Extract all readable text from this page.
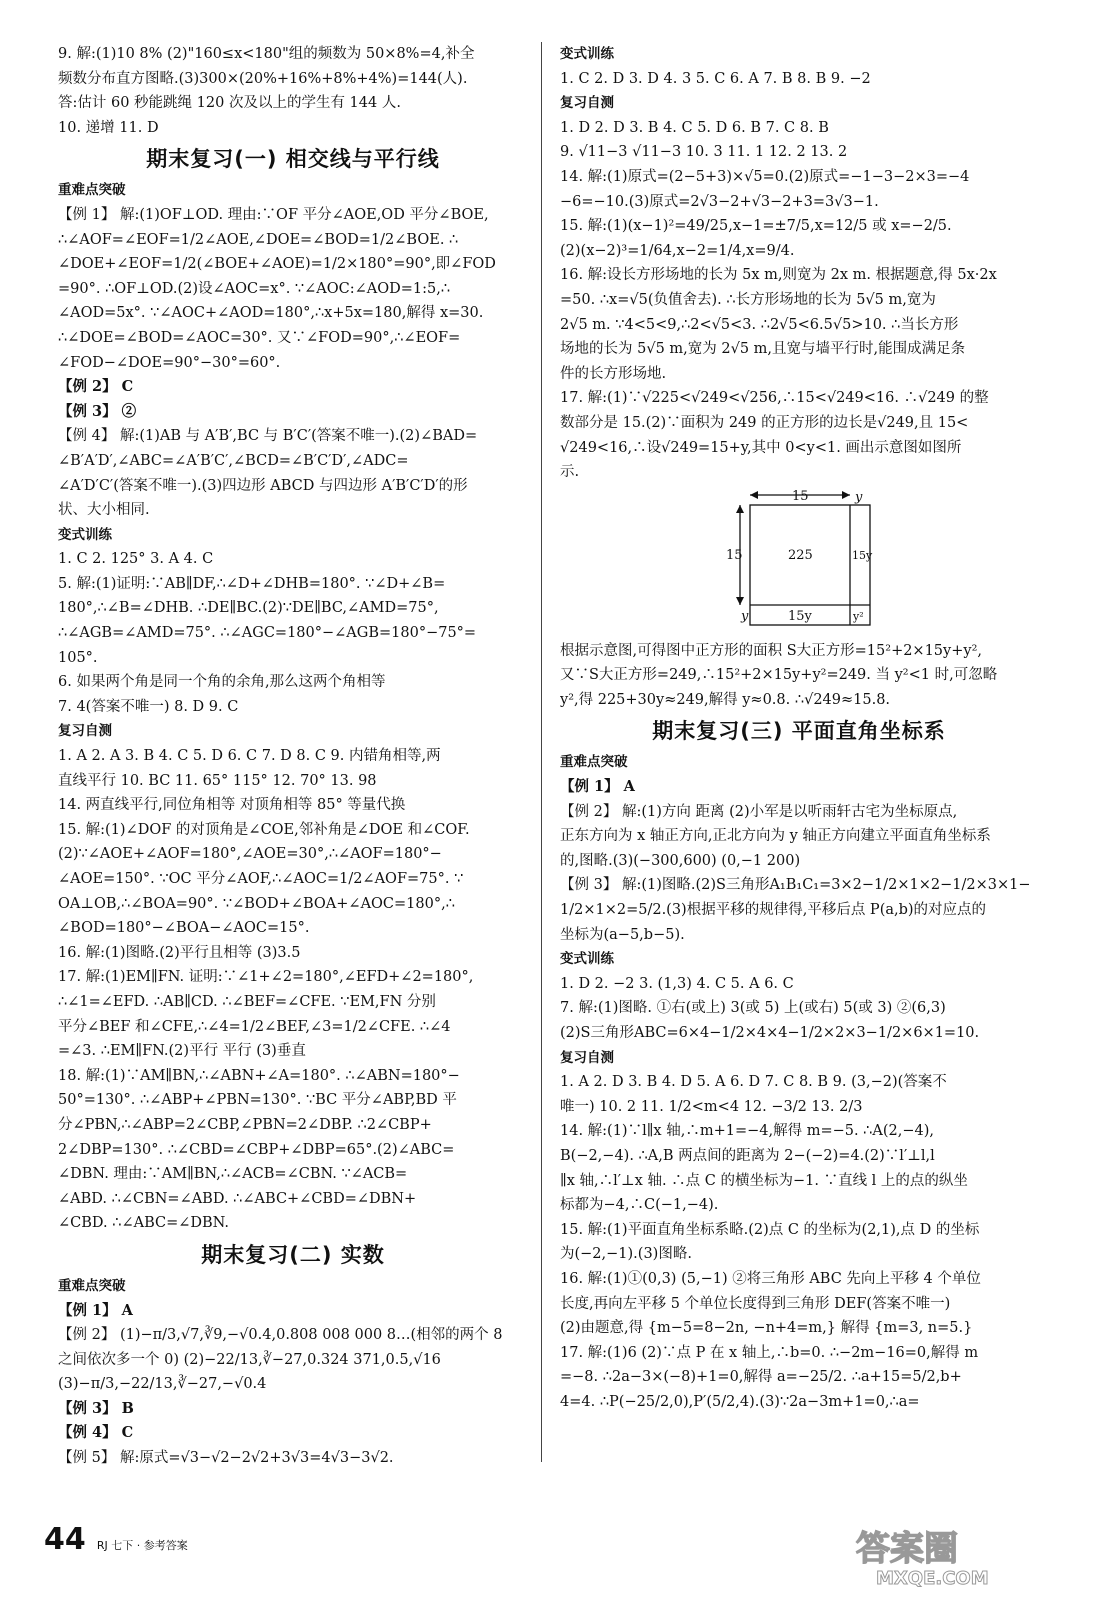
9. 解:(1)10 8% (2)"160≤x<180"组的频数为 50×8%=4,补全
频数分布直方图略.(3)300×(20%+16%+8%+4%)=144(人).
答:估计 60 秒能跳绳 120 次及以上的学生有 144 人.
10. 递增 11. D
期末复习(一) 相交线与平行线
重难点突破
【例 1】 解:(1)OF⊥OD. 理由:∵OF 平分∠AOE,OD 平分∠BOE,
∴∠AOF=∠EOF=1/2∠AOE,∠DOE=∠BOD=1/2∠BOE. ∴
∠DOE+∠EOF=1/2(∠BOE+∠AOE)=1/2×180°=90°,即∠FOD
=90°. ∴OF⊥OD.(2)设∠AOC=x°. ∵∠AOC:∠AOD=1:5,∴
∠AOD=5x°. ∵∠AOC+∠AOD=180°,∴x+5x=180,解得 x=30.
∴∠DOE=∠BOD=∠AOC=30°. 又∵∠FOD=90°,∴∠EOF=
∠FOD−∠DOE=90°−30°=60°.
【例 2】 C
【例 3】 ②
【例 4】 解:(1)AB 与 A′B′,BC 与 B′C′(答案不唯一).(2)∠BAD=
∠B′A′D′,∠ABC=∠A′B′C′,∠BCD=∠B′C′D′,∠ADC=
∠A′D′C′(答案不唯一).(3)四边形 ABCD 与四边形 A′B′C′D′的形
状、大小相同.
变式训练
1. C 2. 125° 3. A 4. C
5. 解:(1)证明:∵AB∥DF,∴∠D+∠DHB=180°. ∵∠D+∠B=
180°,∴∠B=∠DHB. ∴DE∥BC.(2)∵DE∥BC,∠AMD=75°,
∴∠AGB=∠AMD=75°. ∴∠AGC=180°−∠AGB=180°−75°=
105°.
6. 如果两个角是同一个角的余角,那么这两个角相等
7. 4(答案不唯一) 8. D 9. C
复习自测
1. A 2. A 3. B 4. C 5. D 6. C 7. D 8. C 9. 内错角相等,两
直线平行 10. BC 11. 65° 115° 12. 70° 13. 98
14. 两直线平行,同位角相等 对顶角相等 85° 等量代换
15. 解:(1)∠DOF 的对顶角是∠COE,邻补角是∠DOE 和∠COF.
(2)∵∠AOE+∠AOF=180°,∠AOE=30°,∴∠AOF=180°−
∠AOE=150°. ∵OC 平分∠AOF,∴∠AOC=1/2∠AOF=75°. ∵
OA⊥OB,∴∠BOA=90°. ∵∠BOD+∠BOA+∠AOC=180°,∴
∠BOD=180°−∠BOA−∠AOC=15°.
16. 解:(1)图略.(2)平行且相等 (3)3.5
17. 解:(1)EM∥FN. 证明:∵∠1+∠2=180°,∠EFD+∠2=180°,
∴∠1=∠EFD. ∴AB∥CD. ∴∠BEF=∠CFE. ∵EM,FN 分别
平分∠BEF 和∠CFE,∴∠4=1/2∠BEF,∠3=1/2∠CFE. ∴∠4
=∠3. ∴EM∥FN.(2)平行 平行 (3)垂直
18. 解:(1)∵AM∥BN,∴∠ABN+∠A=180°. ∴∠ABN=180°−
50°=130°. ∴∠ABP+∠PBN=130°. ∵BC 平分∠ABP,BD 平
分∠PBN,∴∠ABP=2∠CBP,∠PBN=2∠DBP. ∴2∠CBP+
2∠DBP=130°. ∴∠CBD=∠CBP+∠DBP=65°.(2)∠ABC=
∠DBN. 理由:∵AM∥BN,∴∠ACB=∠CBN. ∵∠ACB=
∠ABD. ∴∠CBN=∠ABD. ∴∠ABC+∠CBD=∠DBN+
∠CBD. ∴∠ABC=∠DBN.
期末复习(二) 实数
重难点突破
【例 1】 A
【例 2】 (1)−π/3,√7,∛9,−√0.4,0.808 008 000 8…(相邻的两个 8
之间依次多一个 0) (2)−22/13,∛−27,0.324 371,0.5,√16
(3)−π/3,−22/13,∛−27,−√0.4
【例 3】 B
【例 4】 C
【例 5】 解:原式=√3−√2−2√2+3√3=4√3−3√2.
变式训练
1. C 2. D 3. D 4. 3 5. C 6. A 7. B 8. B 9. −2
复习自测
1. D 2. D 3. B 4. C 5. D 6. B 7. C 8. B
9. √11−3 √11−3 10. 3 11. 1 12. 2 13. 2
14. 解:(1)原式=(2−5+3)×√5=0.(2)原式=−1−3−2×3=−4
−6=−10.(3)原式=2√3−2+√3−2+3=3√3−1.
15. 解:(1)(x−1)²=49/25,x−1=±7/5,x=12/5 或 x=−2/5.
(2)(x−2)³=1/64,x−2=1/4,x=9/4.
16. 解:设长方形场地的长为 5x m,则宽为 2x m. 根据题意,得 5x·2x
=50. ∴x=√5(负值舍去). ∴长方形场地的长为 5√5 m,宽为
2√5 m. ∵4<5<9,∴2<√5<3. ∴2√5<6.5√5>10. ∴当长方形
场地的长为 5√5 m,宽为 2√5 m,且宽与墙平行时,能围成满足条
件的长方形场地.
17. 解:(1)∵√225<√249<√256,∴15<√249<16. ∴√249 的整
数部分是 15.(2)∵面积为 249 的正方形的边长是√249,且 15<
√249<16,∴设√249=15+y,其中 0<y<1. 画出示意图如图所
示.
15	y
15	225	15y
y	15y	y²
根据示意图,可得图中正方形的面积 S大正方形=15²+2×15y+y²,
又∵S大正方形=249,∴15²+2×15y+y²=249. 当 y²<1 时,可忽略
y²,得 225+30y≈249,解得 y≈0.8. ∴√249≈15.8.
期末复习(三) 平面直角坐标系
重难点突破
【例 1】 A
【例 2】 解:(1)方向 距离 (2)小军是以听雨轩古宅为坐标原点,
正东方向为 x 轴正方向,正北方向为 y 轴正方向建立平面直角坐标系
的,图略.(3)(−300,600) (0,−1 200)
【例 3】 解:(1)图略.(2)S三角形A₁B₁C₁=3×2−1/2×1×2−1/2×3×1−
1/2×1×2=5/2.(3)根据平移的规律得,平移后点 P(a,b)的对应点的
坐标为(a−5,b−5).
变式训练
1. D 2. −2 3. (1,3) 4. C 5. A 6. C
7. 解:(1)图略. ①右(或上) 3(或 5) 上(或右) 5(或 3) ②(6,3)
(2)S三角形ABC=6×4−1/2×4×4−1/2×2×3−1/2×6×1=10.
复习自测
1. A 2. D 3. B 4. D 5. A 6. D 7. C 8. B 9. (3,−2)(答案不
唯一) 10. 2 11. 1/2<m<4 12. −3/2 13. 2/3
14. 解:(1)∵l∥x 轴,∴m+1=−4,解得 m=−5. ∴A(2,−4),
B(−2,−4). ∴A,B 两点间的距离为 2−(−2)=4.(2)∵l′⊥l,l
∥x 轴,∴l′⊥x 轴. ∴点 C 的横坐标为−1. ∵直线 l 上的点的纵坐
标都为−4,∴C(−1,−4).
15. 解:(1)平面直角坐标系略.(2)点 C 的坐标为(2,1),点 D 的坐标
为(−2,−1).(3)图略.
16. 解:(1)①(0,3) (5,−1) ②将三角形 ABC 先向上平移 4 个单位
长度,再向左平移 5 个单位长度得到三角形 DEF(答案不唯一)
(2)由题意,得 {m−5=8−2n, −n+4=m,} 解得 {m=3, n=5.}
17. 解:(1)6 (2)∵点 P 在 x 轴上,∴b=0. ∴−2m−16=0,解得 m
=−8. ∴2a−3×(−8)+1=0,解得 a=−25/2. ∴a+15=5/2,b+
4=4. ∴P(−25/2,0),P′(5/2,4).(3)∵2a−3m+1=0,∴a=
44 RJ 七下 · 参考答案	答案圈
MXQE.COM
